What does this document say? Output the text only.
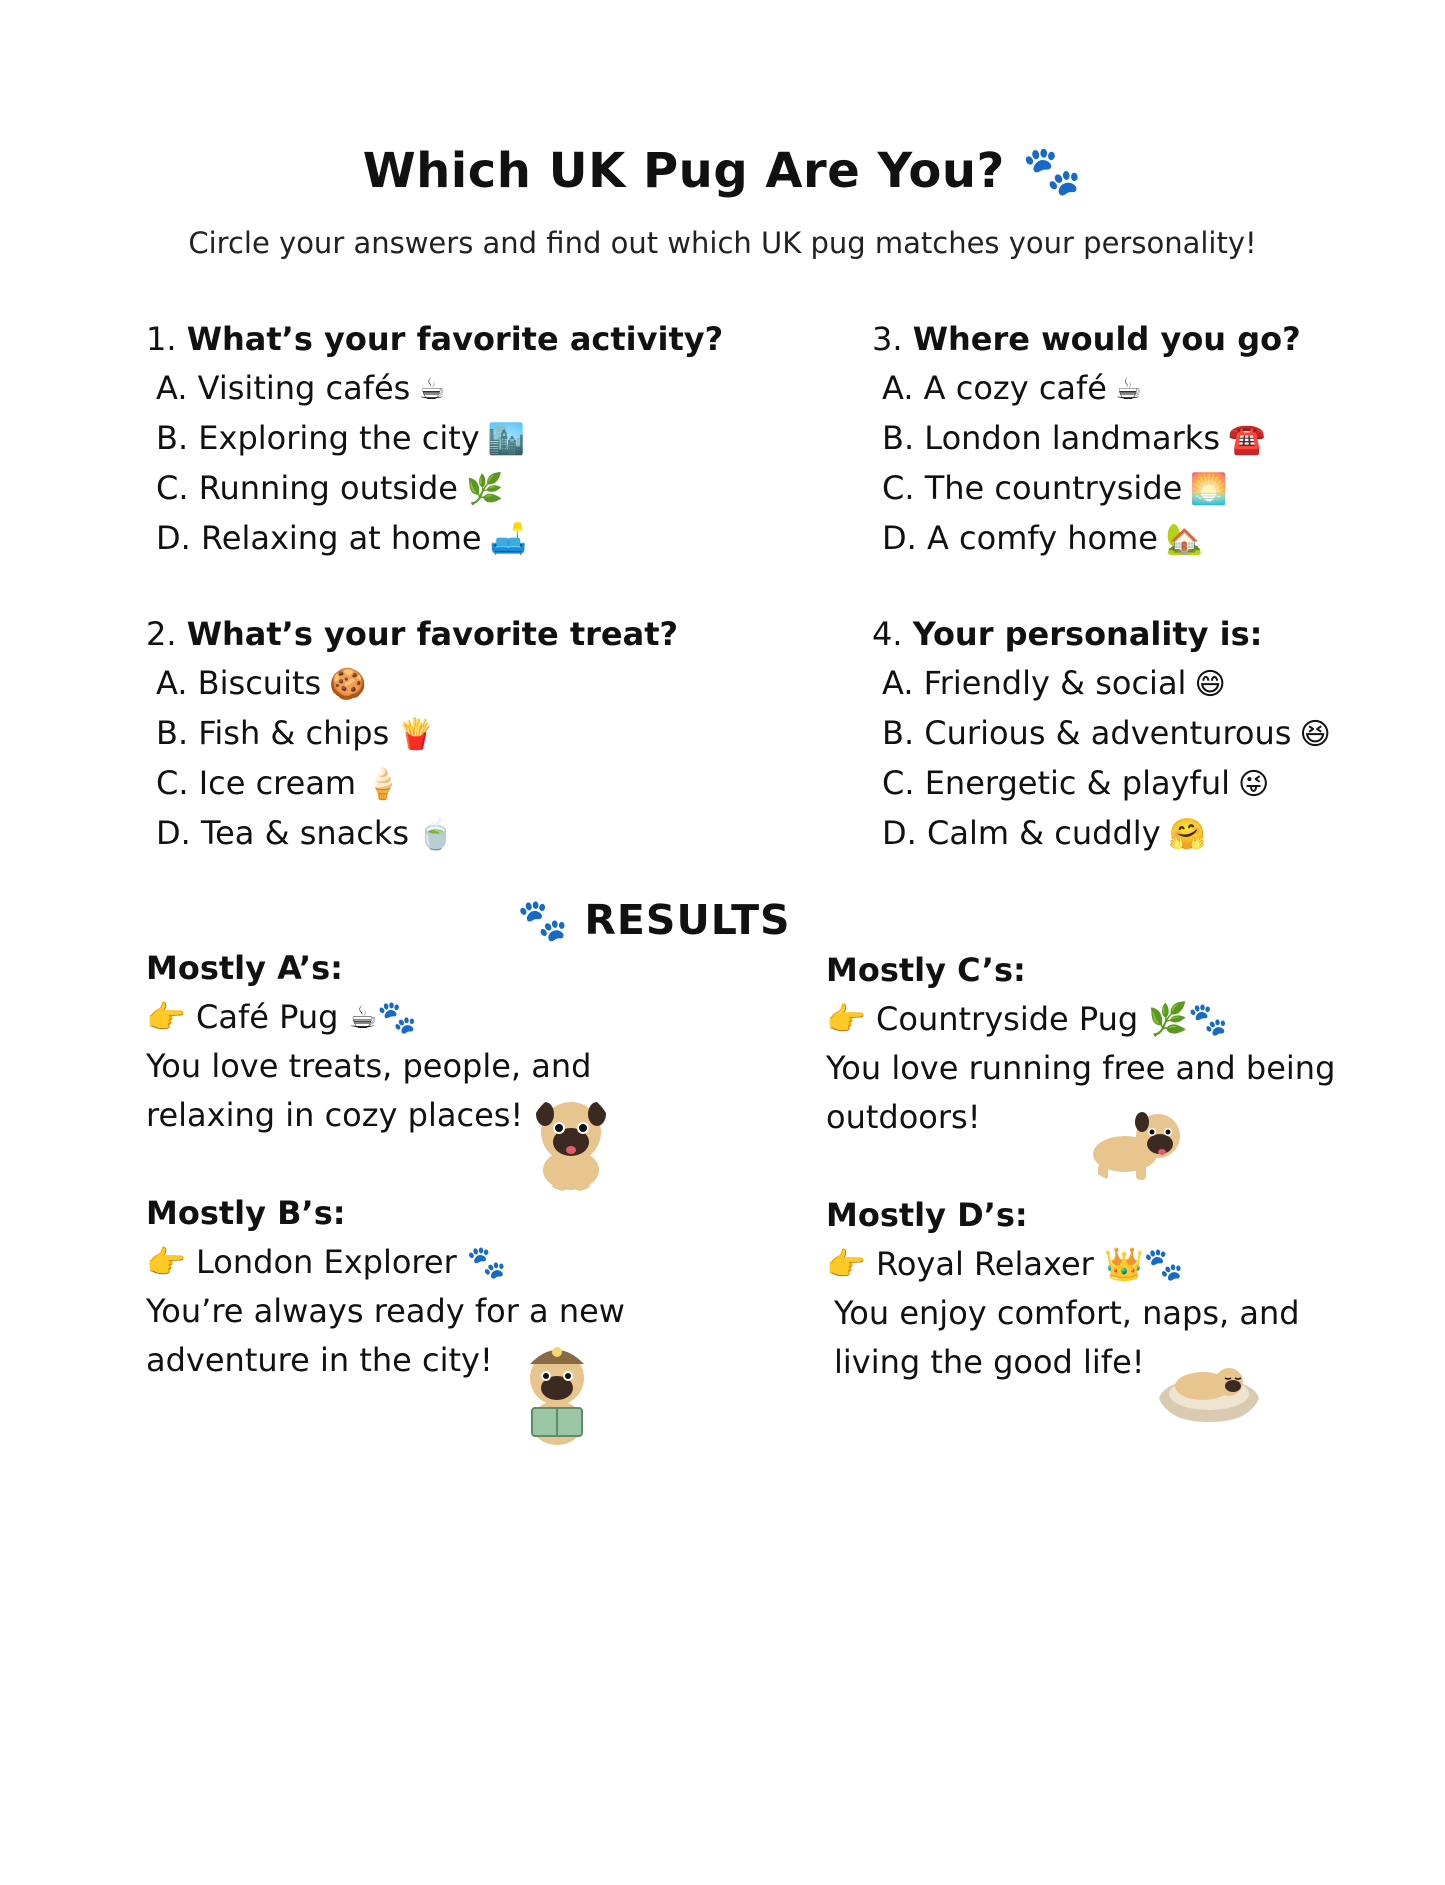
Which UK Pug Are You? 🐾
Circle your answers and find out which UK pug matches your personality!
1. What’s your favorite activity?
A. Visiting cafés ☕
B. Exploring the city 🏙️
C. Running outside 🌿
D. Relaxing at home 🛋️
2. What’s your favorite treat?
A. Biscuits 🍪
B. Fish & chips 🍟
C. Ice cream 🍦
D. Tea & snacks 🍵
3. Where would you go?
A. A cozy café ☕
B. London landmarks ☎️
C. The countryside 🌅
D. A comfy home 🏡
4. Your personality is:
A. Friendly & social 😄
B. Curious & adventurous 😆
C. Energetic & playful 😜
D. Calm & cuddly 🤗
🐾 RESULTS
Mostly A’s:
👉 Café Pug ☕🐾
You love treats, people, and relaxing in cozy places!
Mostly B’s:
👉 London Explorer 🐾
You’re always ready for a new adventure in the city!
Mostly C’s:
👉 Countryside Pug 🌿🐾
You love running free and being outdoors!
Mostly D’s:
👉 Royal Relaxer 👑🐾
You enjoy comfort, naps, and living the good life!
